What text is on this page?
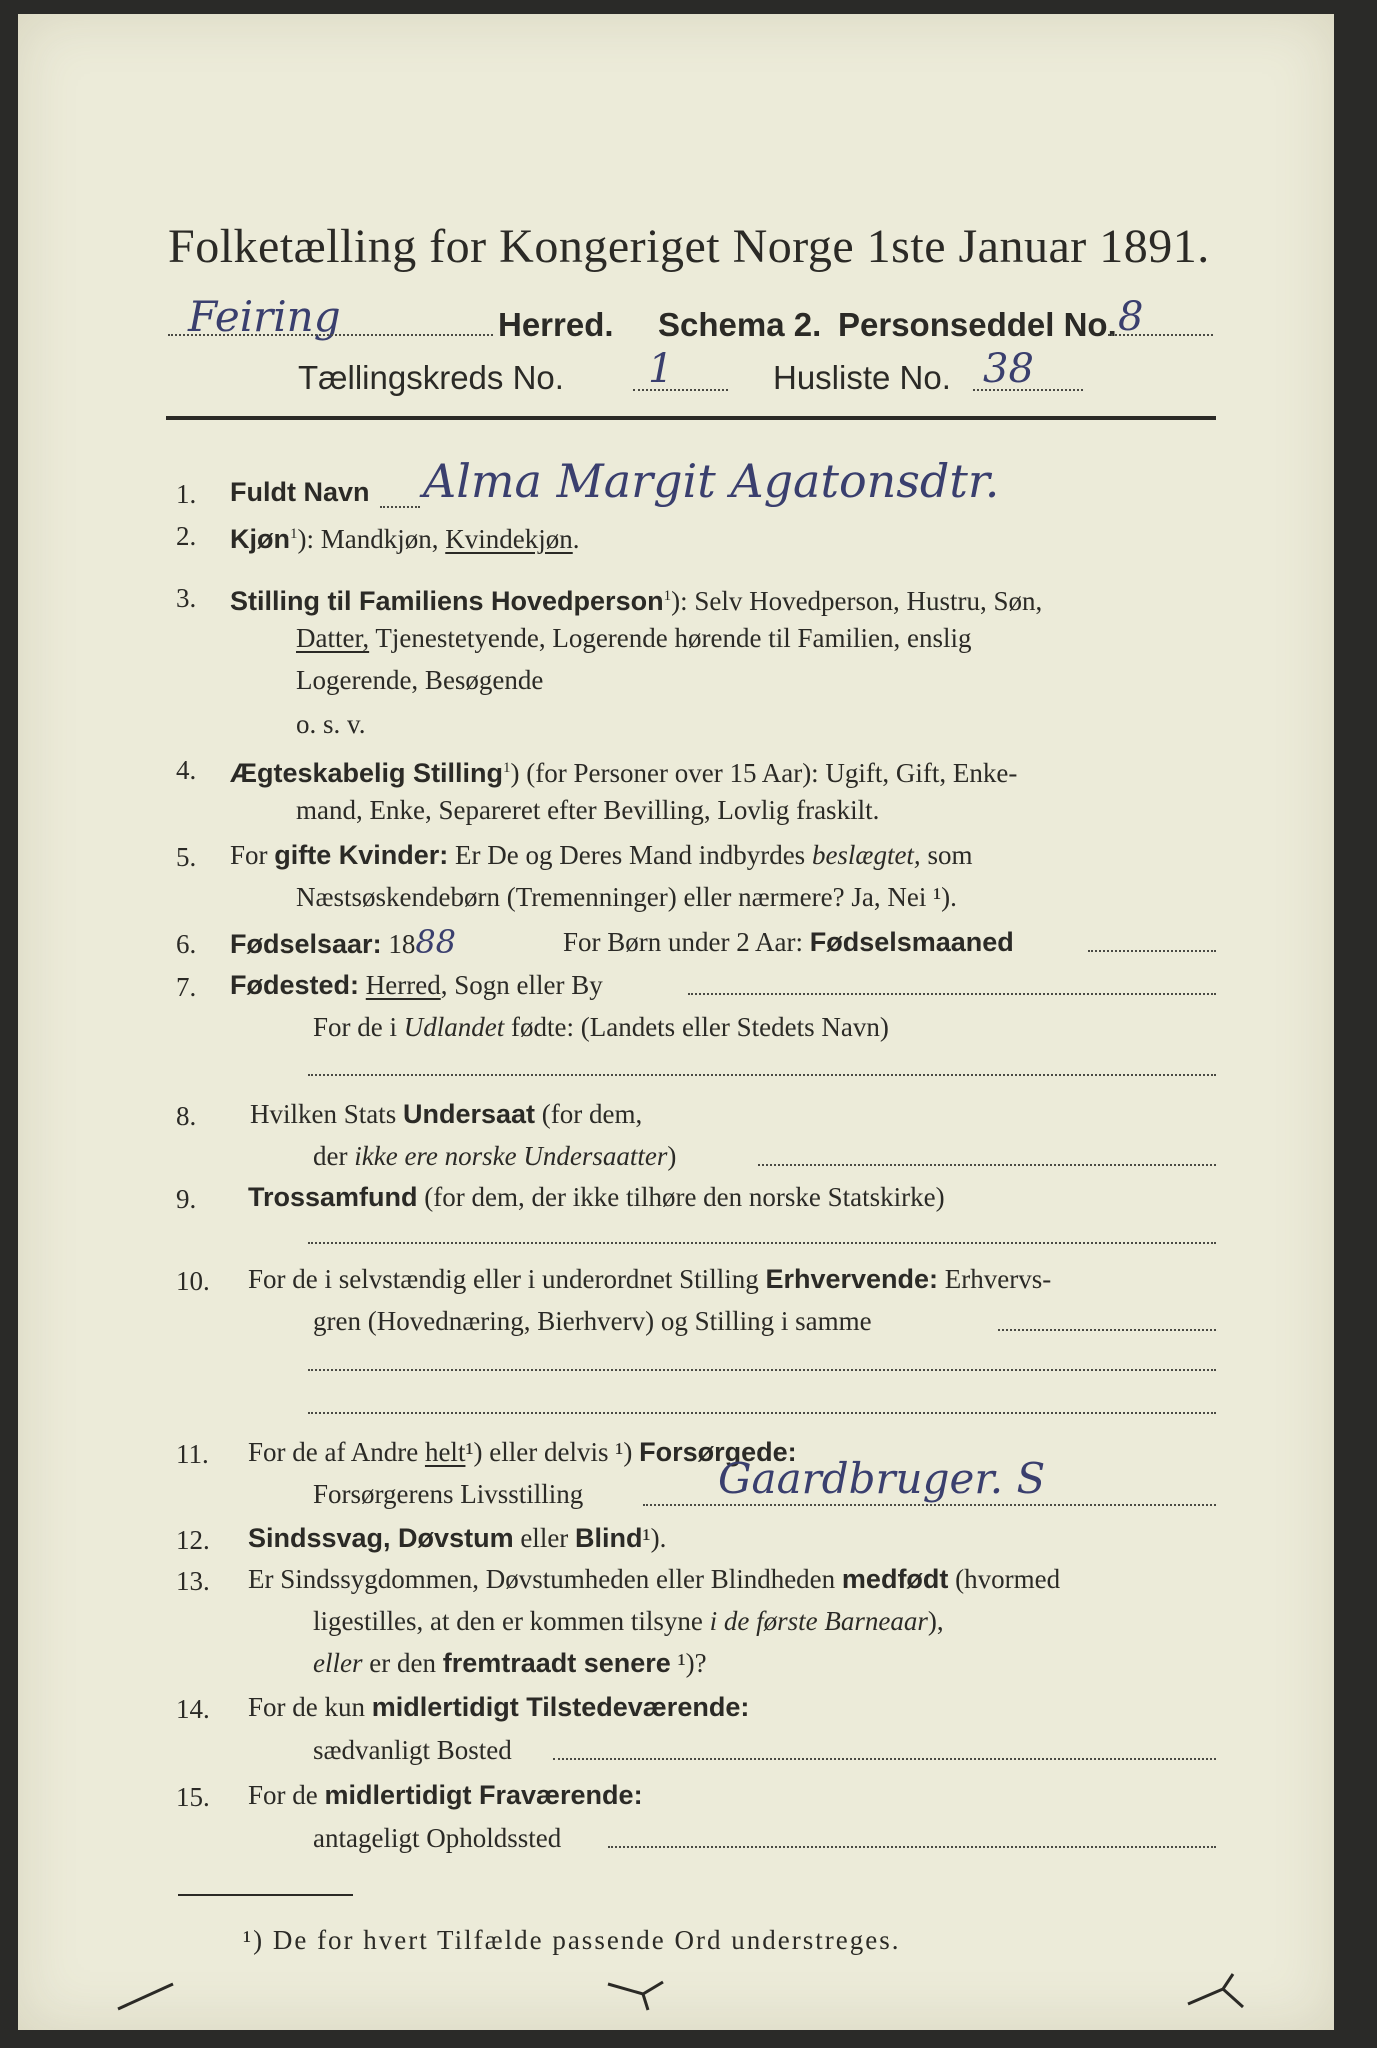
Folketælling for Kongeriget Norge 1ste Januar 1891.
Feiring	Herred. Schema 2. Personseddel No. 8
Tællingskreds No. 1	Husliste No. 38
1. Fuldt Navn Alma Margit Agatonsdtr.
2. Kjøn$^1$): Mandkjøn, Kvindekjøn.
3. Stilling til Familiens Hovedperson$^1$): Selv Hovedperson, Hustru, Søn,
Datter, Tjenestetyende, Logerende hørende til Familien, enslig
Logerende, Besøgende
o. s. v.
4. Ægteskabelig Stilling$^1$) (for Personer over 15 Aar): Ugift, Gift, Enke-
mand, Enke, Separeret efter Bevilling, Lovlig fraskilt.
5. For gifte Kvinder: Er De og Deres Mand indbyrdes beslægtet, som
Næstsøskendebørn (Tremenninger) eller nærmere? Ja, Nei ¹).
6. Fødselsaar: 1888	For Børn under 2 Aar: Fødselsmaaned
7. Fødested: Herred, Sogn eller By
For de i Udlandet fødte: (Landets eller Stedets Navn)
8. Hvilken Stats Undersaat (for dem,
der ikke ere norske Undersaatter)
9. Trossamfund (for dem, der ikke tilhøre den norske Statskirke)
10. For de i selvstændig eller i underordnet Stilling Erhvervende: Erhvervs-
gren (Hovednæring, Bierhverv) og Stilling i samme
11. For de af Andre helt¹) eller delvis ¹) Forsørgede:
Forsørgerens Livsstilling	Gaardbruger. S
12. Sindssvag, Døvstum eller Blind¹).
13. Er Sindssygdommen, Døvstumheden eller Blindheden medfødt (hvormed
ligestilles, at den er kommen tilsyne i de første Barneaar),
eller er den fremtraadt senere ¹)?
14. For de kun midlertidigt Tilstedeværende:
sædvanligt Bosted
15. For de midlertidigt Fraværende:
antageligt Opholdssted
¹) De for hvert Tilfælde passende Ord understreges.
